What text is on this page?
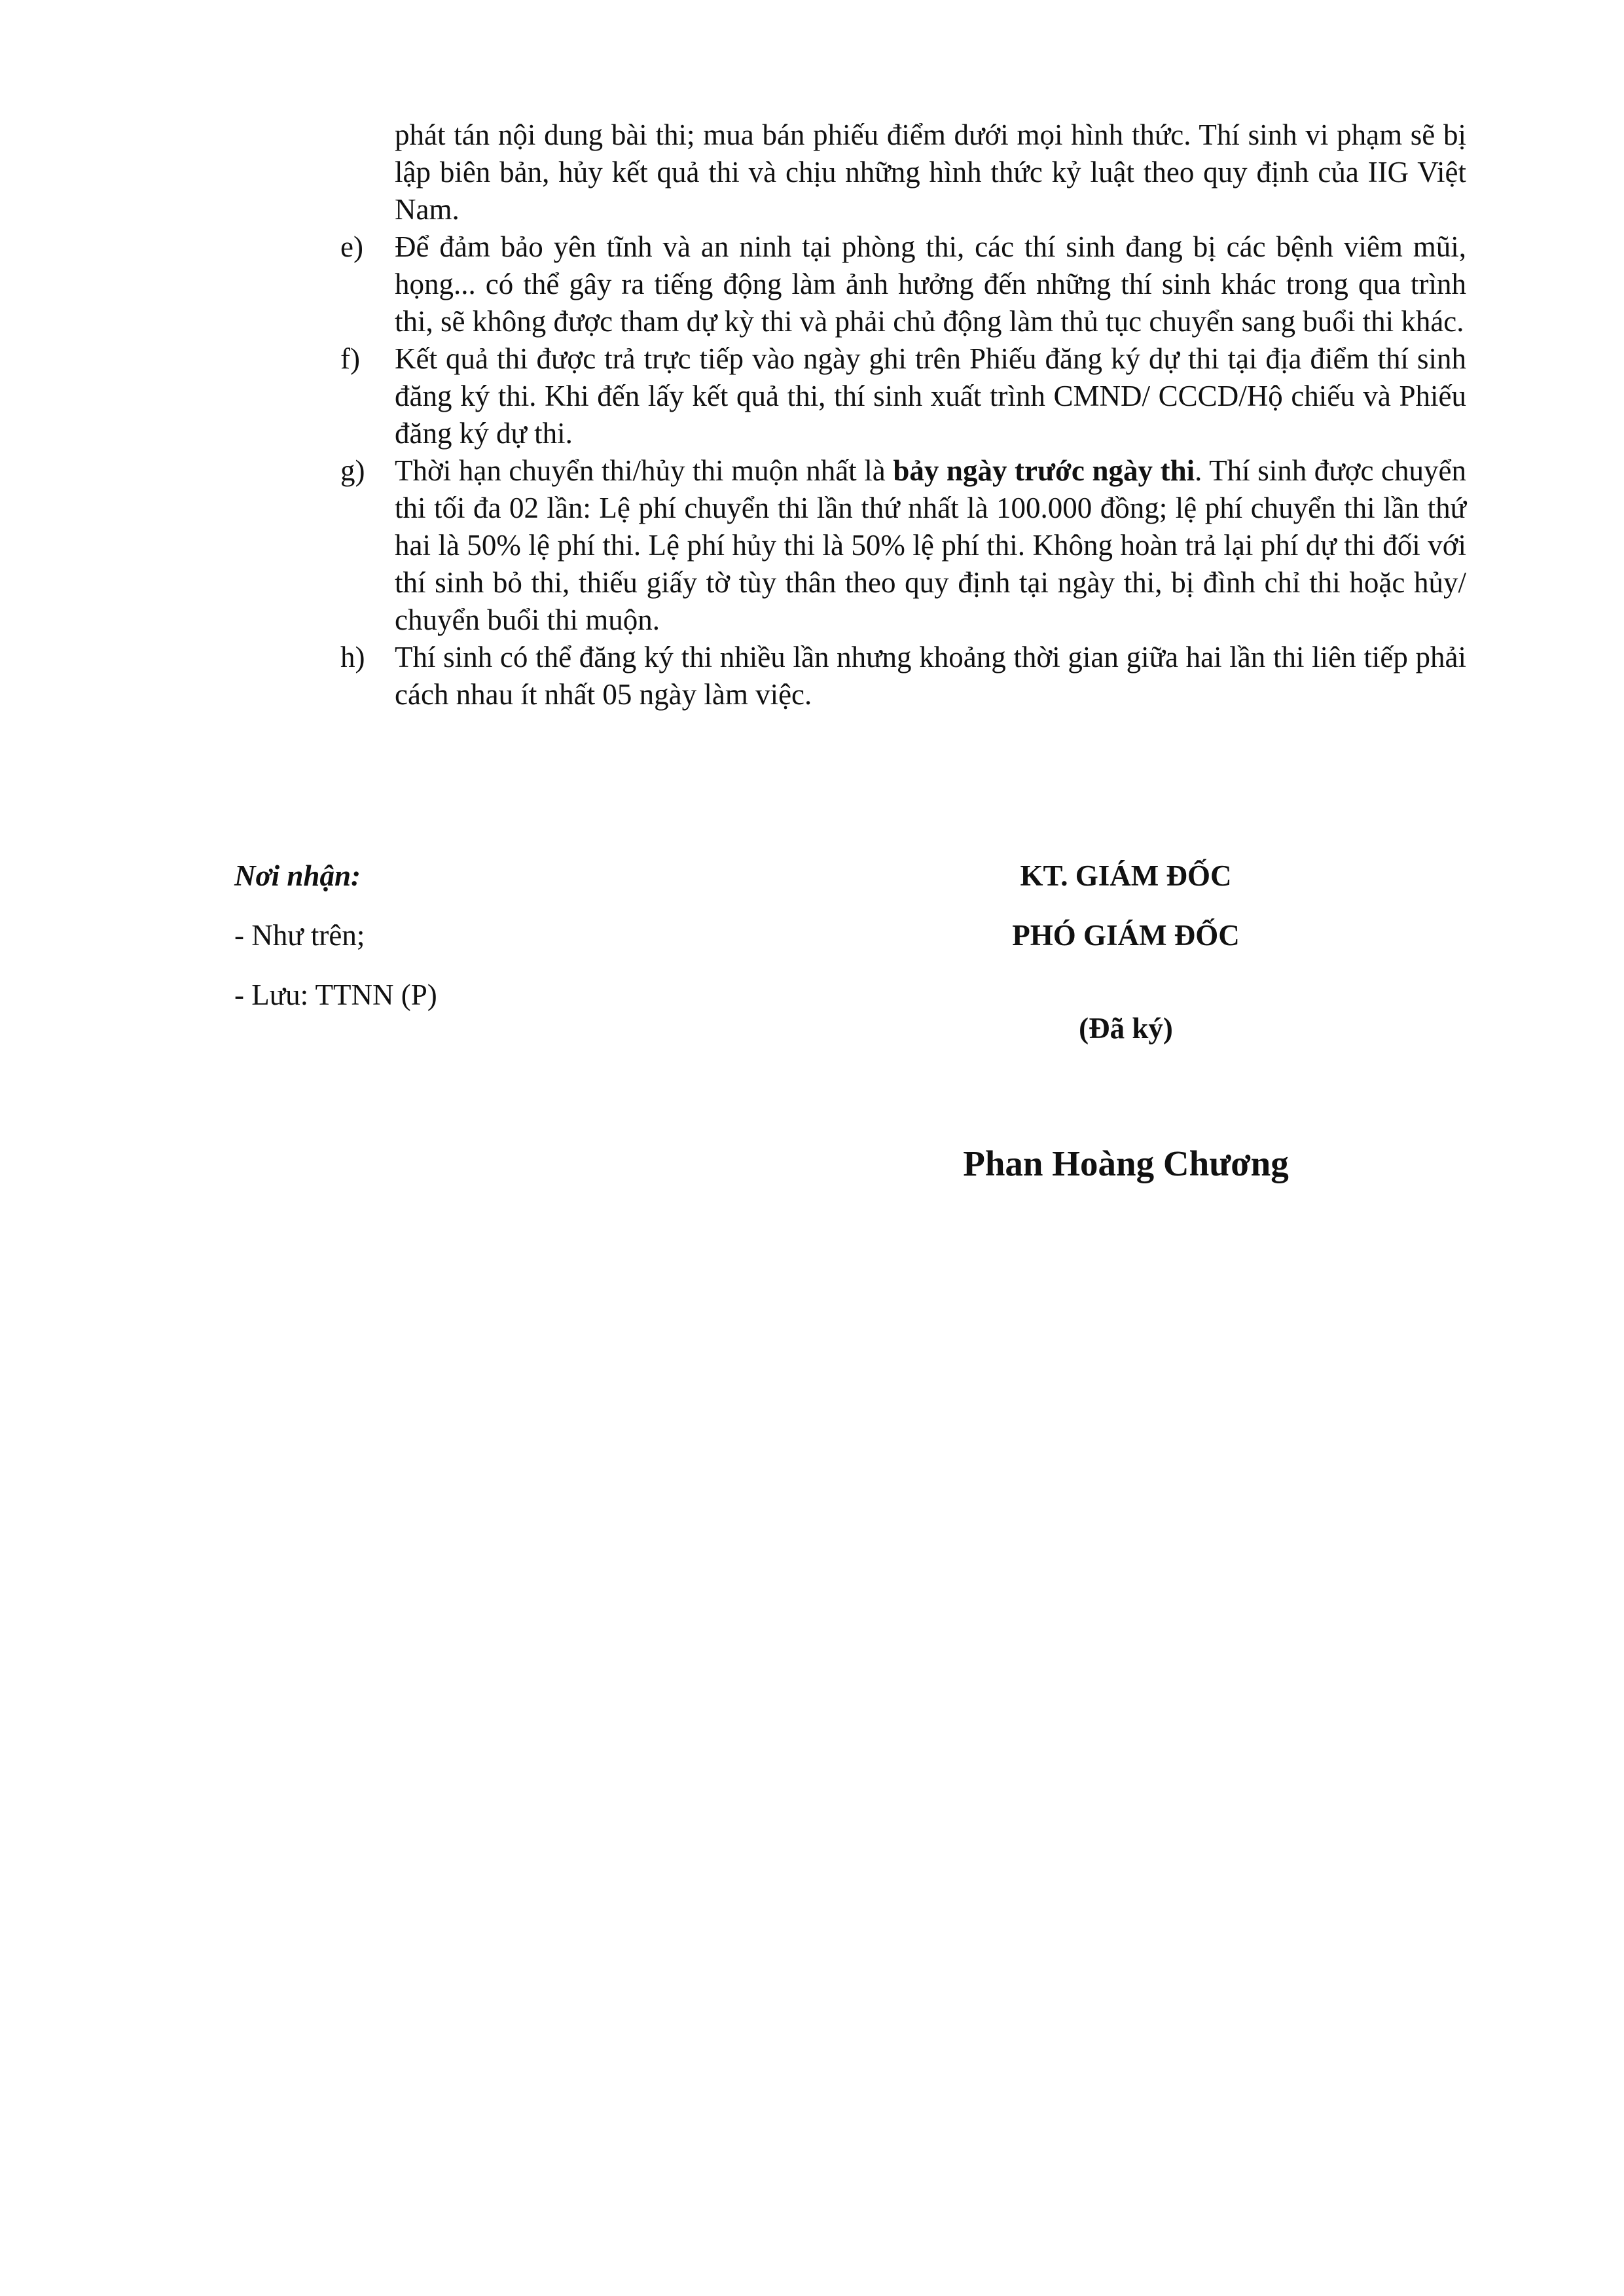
phát tán nội dung bài thi; mua bán phiếu điểm dưới mọi hình thức. Thí sinh vi phạm sẽ bị lập biên bản, hủy kết quả thi và chịu những hình thức kỷ luật theo quy định của IIG Việt Nam.
e) Để đảm bảo yên tĩnh và an ninh tại phòng thi, các thí sinh đang bị các bệnh viêm mũi, họng... có thể gây ra tiếng động làm ảnh hưởng đến những thí sinh khác trong qua trình thi, sẽ không được tham dự kỳ thi và phải chủ động làm thủ tục chuyển sang buổi thi khác.
f) Kết quả thi được trả trực tiếp vào ngày ghi trên Phiếu đăng ký dự thi tại địa điểm thí sinh đăng ký thi. Khi đến lấy kết quả thi, thí sinh xuất trình CMND/ CCCD/Hộ chiếu và Phiếu đăng ký dự thi.
g) Thời hạn chuyển thi/hủy thi muộn nhất là bảy ngày trước ngày thi. Thí sinh được chuyển thi tối đa 02 lần: Lệ phí chuyển thi lần thứ nhất là 100.000 đồng; lệ phí chuyển thi lần thứ hai là 50% lệ phí thi. Lệ phí hủy thi là 50% lệ phí thi. Không hoàn trả lại phí dự thi đối với thí sinh bỏ thi, thiếu giấy tờ tùy thân theo quy định tại ngày thi, bị đình chỉ thi hoặc hủy/ chuyển buổi thi muộn.
h) Thí sinh có thể đăng ký thi nhiều lần nhưng khoảng thời gian giữa hai lần thi liên tiếp phải cách nhau ít nhất 05 ngày làm việc.
Nơi nhận:
- Như trên;
- Lưu: TTNN (P)
KT. GIÁM ĐỐC
PHÓ GIÁM ĐỐC
(Đã ký)
Phan Hoàng Chương
